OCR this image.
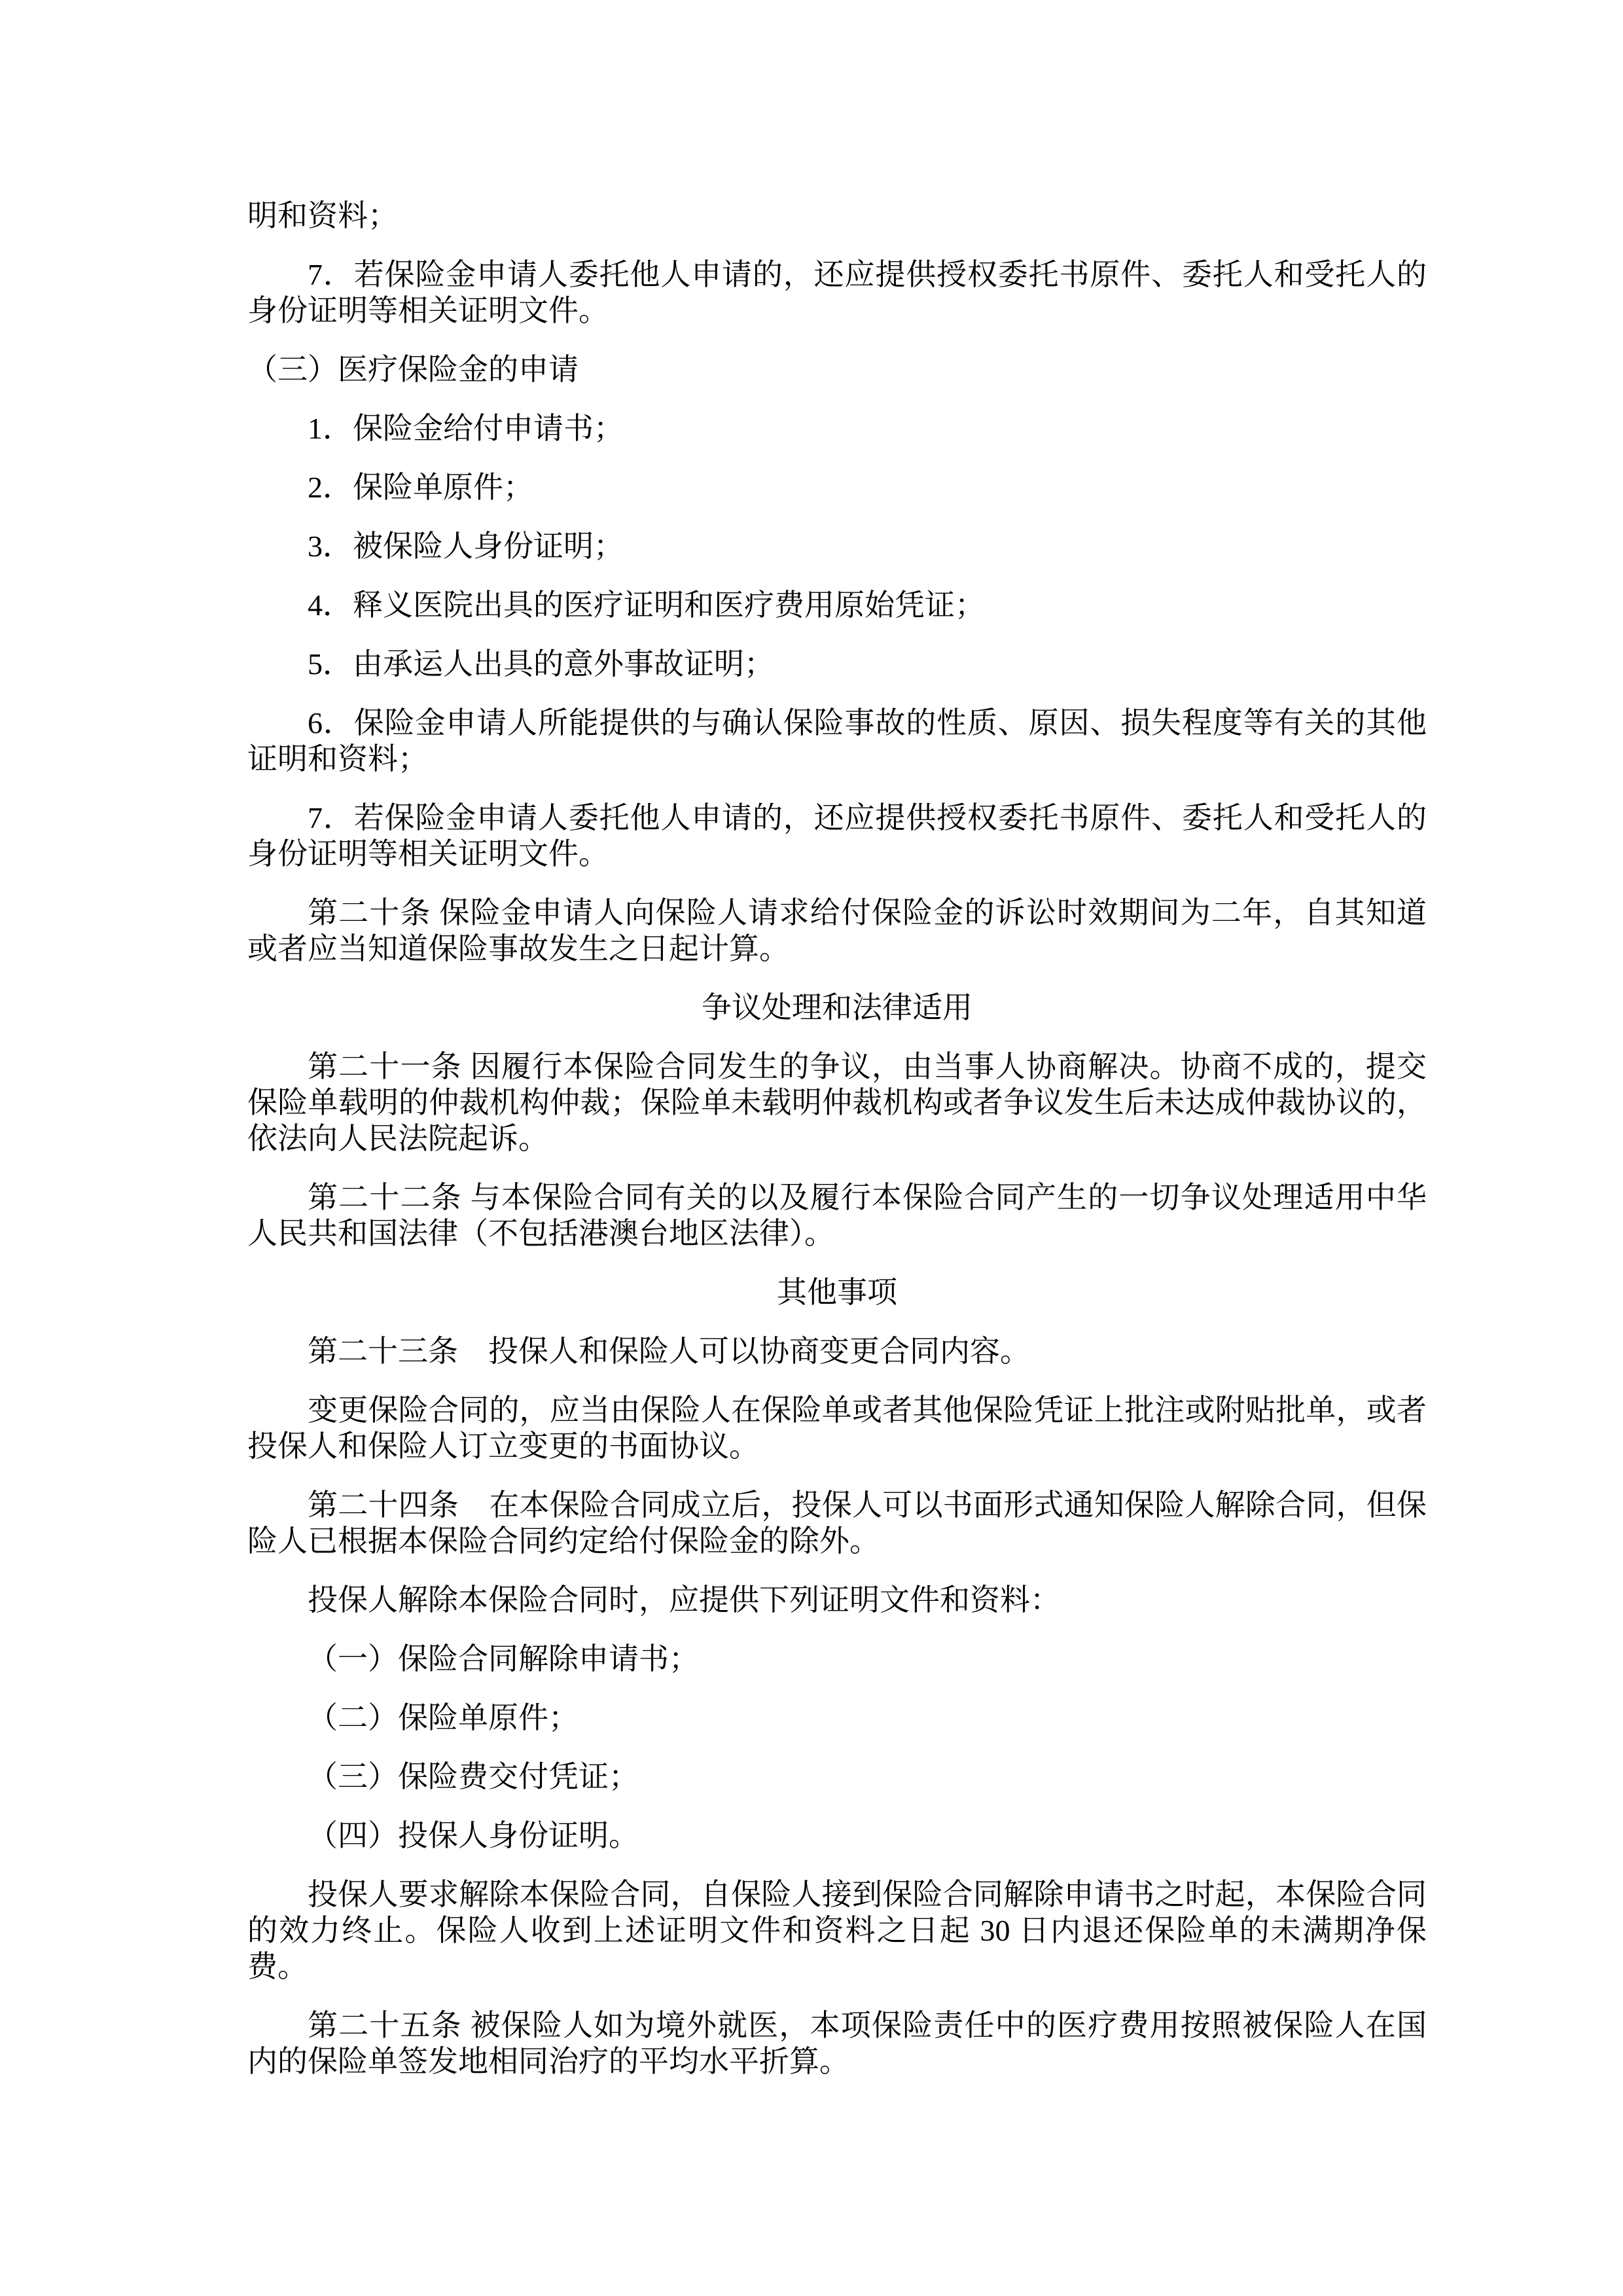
明和资料；

7．若保险金申请人委托他人申请的，还应提供授权委托书原件、委托人和受托人的身份证明等相关证明文件。

（三）医疗保险金的申请

1．保险金给付申请书；

2．保险单原件；

3．被保险人身份证明；

4．释义医院出具的医疗证明和医疗费用原始凭证；

5．由承运人出具的意外事故证明；

6．保险金申请人所能提供的与确认保险事故的性质、原因、损失程度等有关的其他证明和资料；

7．若保险金申请人委托他人申请的，还应提供授权委托书原件、委托人和受托人的身份证明等相关证明文件。

第二十条 保险金申请人向保险人请求给付保险金的诉讼时效期间为二年，自其知道或者应当知道保险事故发生之日起计算。

争议处理和法律适用

第二十一条 因履行本保险合同发生的争议，由当事人协商解决。协商不成的，提交保险单载明的仲裁机构仲裁；保险单未载明仲裁机构或者争议发生后未达成仲裁协议的，依法向人民法院起诉。

第二十二条 与本保险合同有关的以及履行本保险合同产生的一切争议处理适用中华人民共和国法律（不包括港澳台地区法律）。

其他事项

第二十三条　投保人和保险人可以协商变更合同内容。

变更保险合同的，应当由保险人在保险单或者其他保险凭证上批注或附贴批单，或者投保人和保险人订立变更的书面协议。

第二十四条　在本保险合同成立后，投保人可以书面形式通知保险人解除合同，但保险人已根据本保险合同约定给付保险金的除外。

投保人解除本保险合同时，应提供下列证明文件和资料：

（一）保险合同解除申请书；

（二）保险单原件；

（三）保险费交付凭证；

（四）投保人身份证明。

投保人要求解除本保险合同，自保险人接到保险合同解除申请书之时起，本保险合同的效力终止。保险人收到上述证明文件和资料之日起 30 日内退还保险单的未满期净保费。

第二十五条 被保险人如为境外就医，本项保险责任中的医疗费用按照被保险人在国内的保险单签发地相同治疗的平均水平折算。
